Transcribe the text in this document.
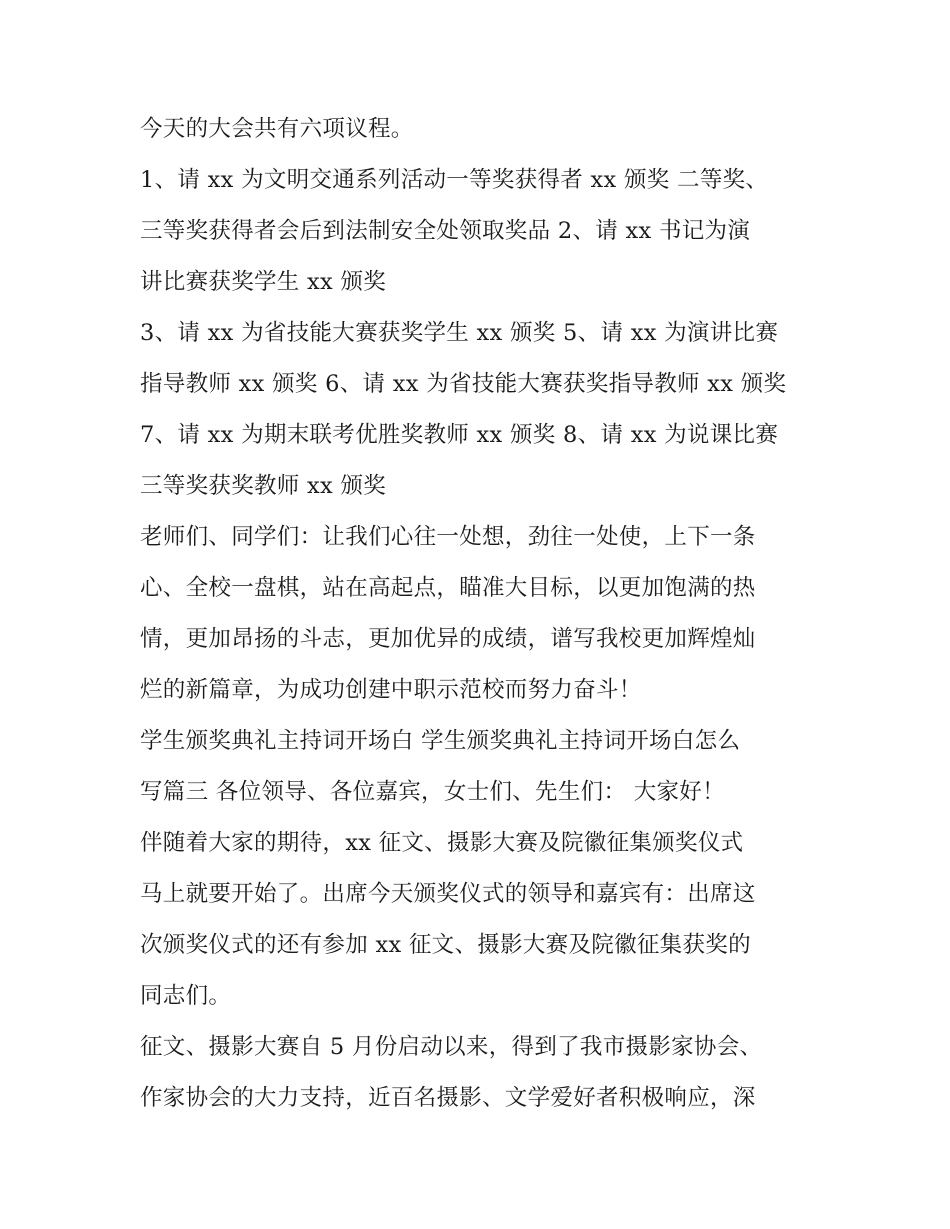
今天的大会共有六项议程。
1、请 xx 为文明交通系列活动一等奖获得者 xx 颁奖 二等奖、
三等奖获得者会后到法制安全处领取奖品 2、请 xx 书记为演
讲比赛获奖学生 xx 颁奖
3、请 xx 为省技能大赛获奖学生 xx 颁奖 5、请 xx 为演讲比赛
指导教师 xx 颁奖 6、请 xx 为省技能大赛获奖指导教师 xx 颁奖
7、请 xx 为期末联考优胜奖教师 xx 颁奖 8、请 xx 为说课比赛
三等奖获奖教师 xx 颁奖
老师们、同学们：让我们心往一处想，劲往一处使，上下一条
心、全校一盘棋，站在高起点，瞄准大目标，以更加饱满的热
情，更加昂扬的斗志，更加优异的成绩，谱写我校更加辉煌灿
烂的新篇章，为成功创建中职示范校而努力奋斗！
学生颁奖典礼主持词开场白 学生颁奖典礼主持词开场白怎么
写篇三 各位领导、各位嘉宾，女士们、先生们： 大家好！
伴随着大家的期待，xx 征文、摄影大赛及院徽征集颁奖仪式
马上就要开始了。出席今天颁奖仪式的领导和嘉宾有：出席这
次颁奖仪式的还有参加 xx 征文、摄影大赛及院徽征集获奖的
同志们。
征文、摄影大赛自 5 月份启动以来，得到了我市摄影家协会、
作家协会的大力支持，近百名摄影、文学爱好者积极响应，深
